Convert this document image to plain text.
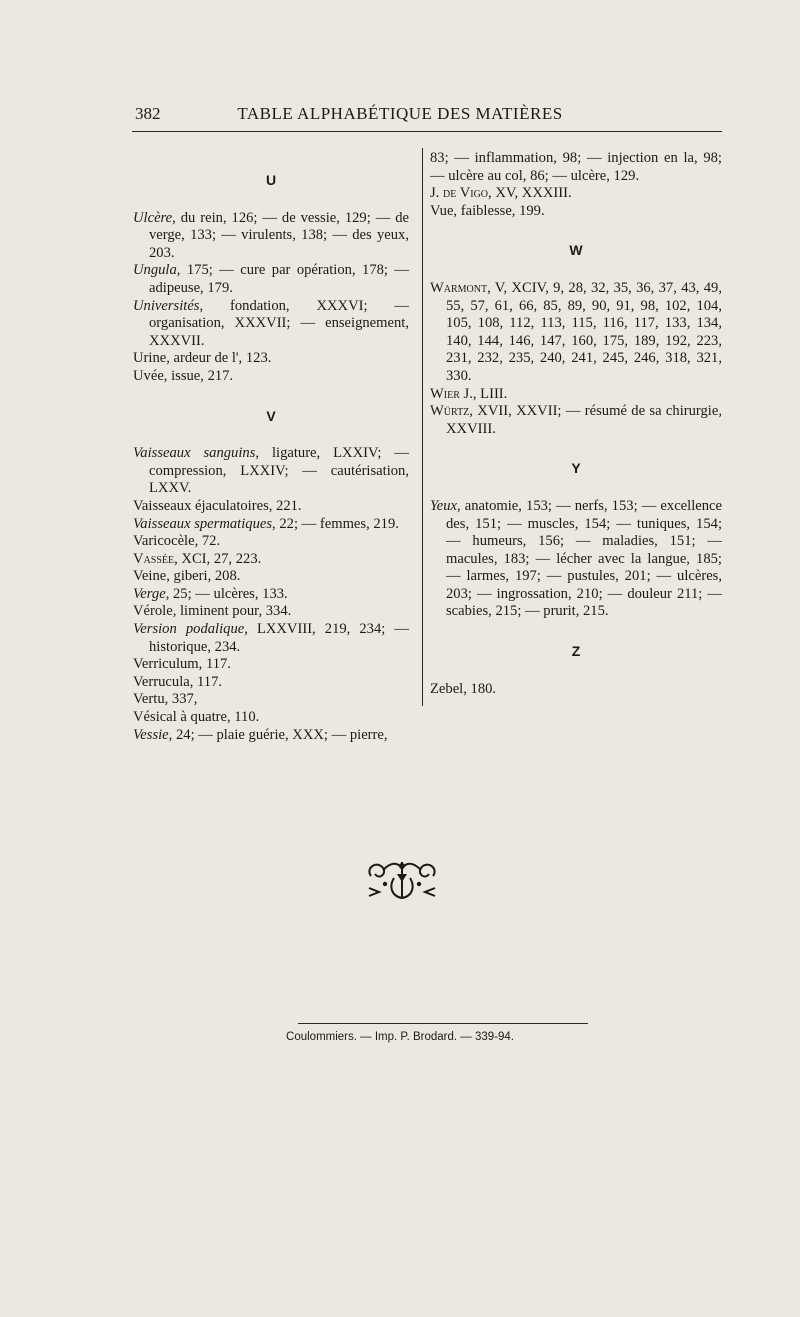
382	TABLE ALPHABÉTIQUE DES MATIÈRES
U

Ulcère, du rein, 126; — de vessie, 129; — de verge, 133; — virulents, 138; — des yeux, 203.

Ungula, 175; — cure par opération, 178; — adipeuse, 179.

Universités, fondation, XXXVI; — organisation, XXXVII; — enseignement, XXXVII.

Urine, ardeur de l', 123.

Uvée, issue, 217.

V

Vaisseaux sanguins, ligature, LXXIV; — compression, LXXIV; — cautérisation, LXXV.

Vaisseaux éjaculatoires, 221.

Vaisseaux spermatiques, 22; — femmes, 219.

Varicocèle, 72.

Vassée, XCI, 27, 223.

Veine, giberi, 208.

Verge, 25; — ulcères, 133.

Vérole, liminent pour, 334.

Version podalique, LXXVIII, 219, 234; — historique, 234.

Verriculum, 117.

Verrucula, 117.

Vertu, 337,

Vésical à quatre, 110.

Vessie, 24; — plaie guérie, XXX; — pierre,

83; — inflammation, 98; — injection en la, 98; — ulcère au col, 86; — ulcère, 129.

J. de Vigo, XV, XXXIII.

Vue, faiblesse, 199.

W

Warmont, V, XCIV, 9, 28, 32, 35, 36, 37, 43, 49, 55, 57, 61, 66, 85, 89, 90, 91, 98, 102, 104, 105, 108, 112, 113, 115, 116, 117, 133, 134, 140, 144, 146, 147, 160, 175, 189, 192, 223, 231, 232, 235, 240, 241, 245, 246, 318, 321, 330.

Wier J., LIII.

Würtz, XVII, XXVII; — résumé de sa chirurgie, XXVIII.

Y

Yeux, anatomie, 153; — nerfs, 153; — excellence des, 151; — muscles, 154; — tuniques, 154; — humeurs, 156; — maladies, 151; — macules, 183; — lécher avec la langue, 185; — larmes, 197; — pustules, 201; — ulcères, 203; — ingrossation, 210; — douleur 211; — scabies, 215; — prurit, 215.

Z

Zebel, 180.

Coulommiers. — Imp. P. Brodard. — 339-94.
